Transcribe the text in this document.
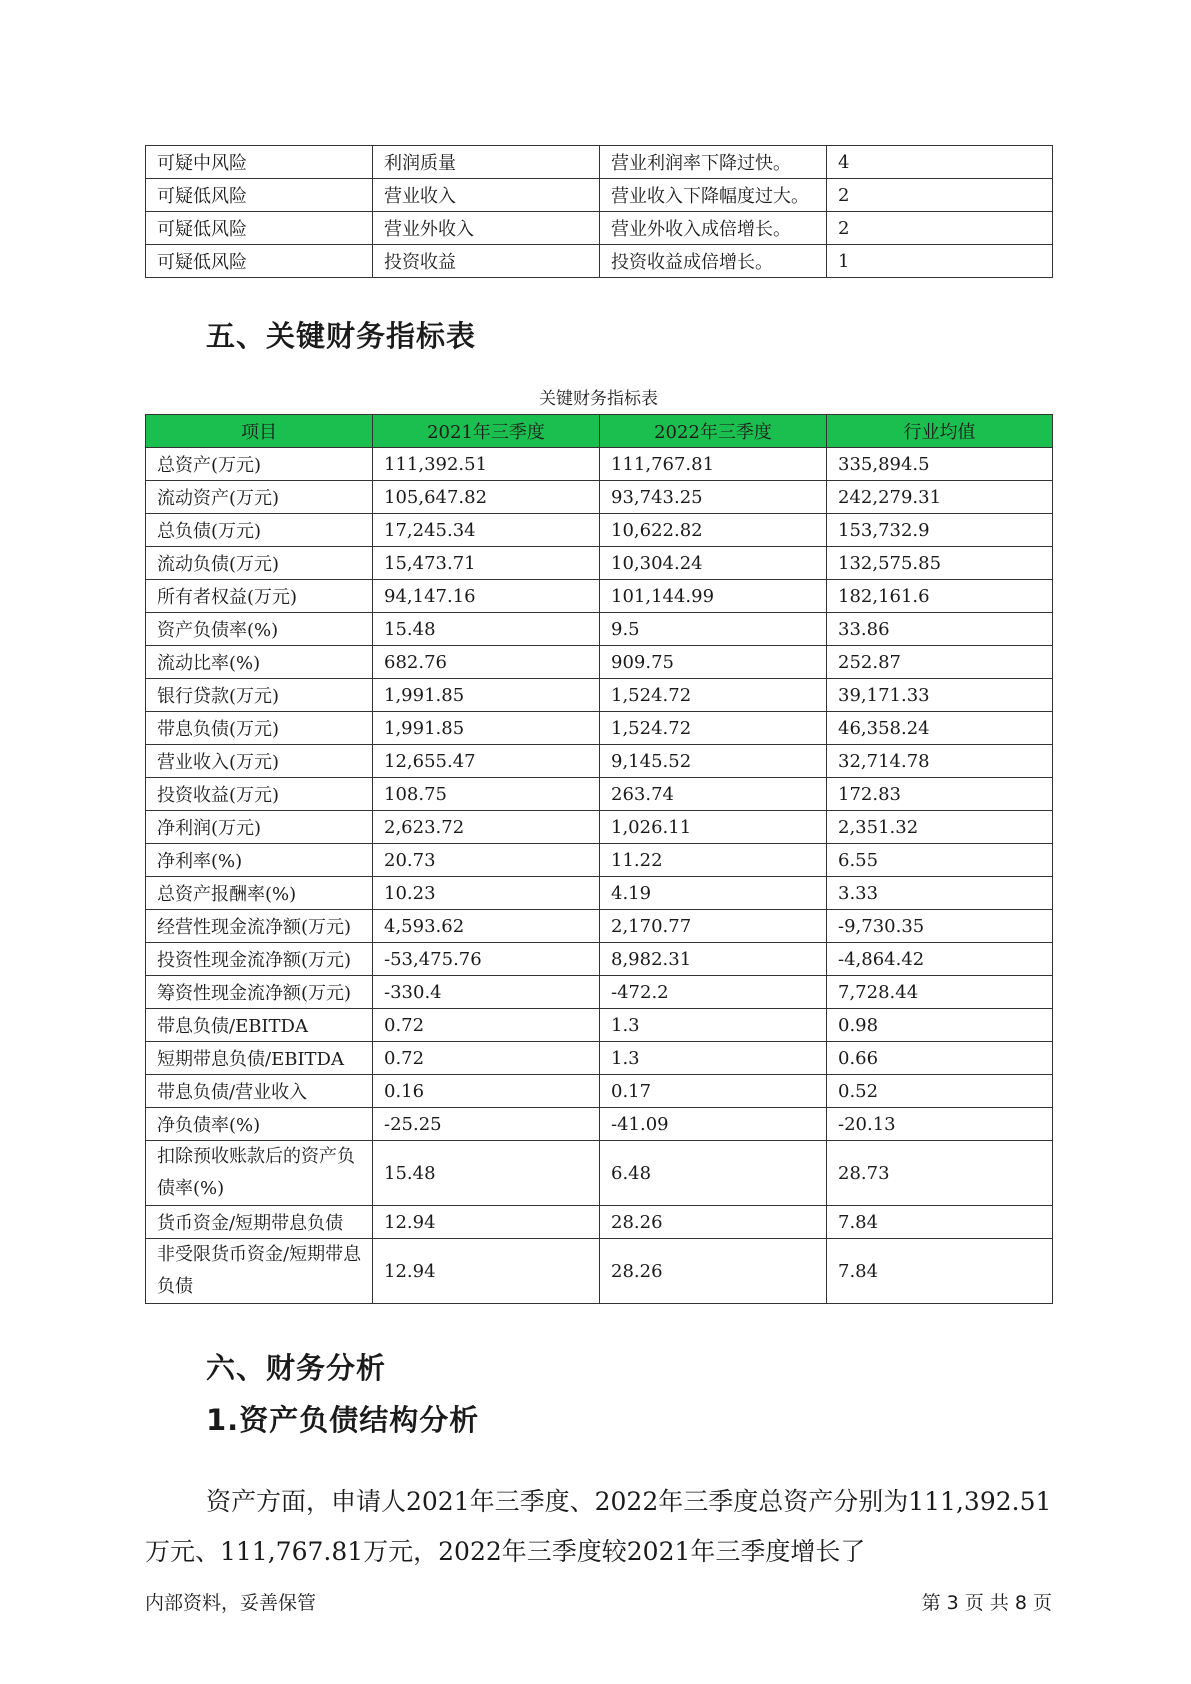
可疑中风险	利润质量	营业利润率下降过快。	4
可疑低风险	营业收入	营业收入下降幅度过大。	2
可疑低风险	营业外收入	营业外收入成倍增长。	2
可疑低风险	投资收益	投资收益成倍增长。	1
五、关键财务指标表
关键财务指标表
项目	2021年三季度	2022年三季度	行业均值
总资产(万元)	111,392.51	111,767.81	335,894.5
流动资产(万元)	105,647.82	93,743.25	242,279.31
总负债(万元)	17,245.34	10,622.82	153,732.9
流动负债(万元)	15,473.71	10,304.24	132,575.85
所有者权益(万元)	94,147.16	101,144.99	182,161.6
资产负债率(%)	15.48	9.5	33.86
流动比率(%)	682.76	909.75	252.87
银行贷款(万元)	1,991.85	1,524.72	39,171.33
带息负债(万元)	1,991.85	1,524.72	46,358.24
营业收入(万元)	12,655.47	9,145.52	32,714.78
投资收益(万元)	108.75	263.74	172.83
净利润(万元)	2,623.72	1,026.11	2,351.32
净利率(%)	20.73	11.22	6.55
总资产报酬率(%)	10.23	4.19	3.33
经营性现金流净额(万元)	4,593.62	2,170.77	-9,730.35
投资性现金流净额(万元)	-53,475.76	8,982.31	-4,864.42
筹资性现金流净额(万元)	-330.4	-472.2	7,728.44
带息负债/EBITDA	0.72	1.3	0.98
短期带息负债/EBITDA	0.72	1.3	0.66
带息负债/营业收入	0.16	0.17	0.52
净负债率(%)	-25.25	-41.09	-20.13
扣除预收账款后的资产负债率(%)	15.48	6.48	28.73
货币资金/短期带息负债	12.94	28.26	7.84
非受限货币资金/短期带息负债	12.94	28.26	7.84
六、财务分析
1.资产负债结构分析

资产方面，申请人2021年三季度、2022年三季度总资产分别为111,392.51万元、111,767.81万元，2022年三季度较2021年三季度增长了

内部资料，妥善保管	第 3 页 共 8 页
